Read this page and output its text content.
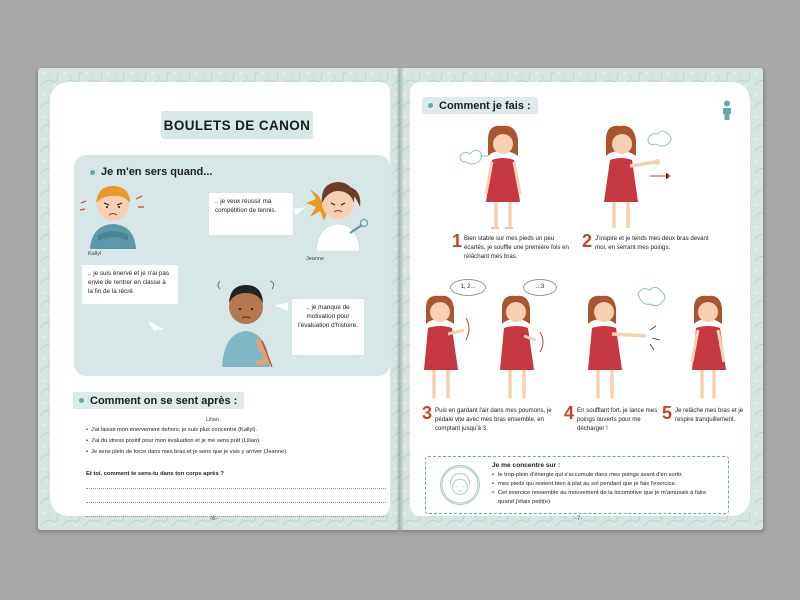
BOULETS DE CANON
Je m'en sers quand...
Kallyl
Jeanne
Lilian
.. je suis énervé et je n'ai pas envie de rentrer en classe à la fin de la récré.
.. je veux réussir ma compétition de tennis.
.. je manque de motivation pour l'évaluation d'histoire.
Comment on se sent après :
• J'ai laissé mon énervement dehors, je suis plus concentré (Kallyl).
• J'ai du stress positif pour mon évaluation et je me sens prêt (Lilian).
• Je sens plein de force dans mes bras et je sens que je vais y arriver (Jeanne).
Et toi, comment te sens-tu dans ton corps après ?
-6-
Comment je fais :
1 Bien stable sur mes pieds un peu écartés, je souffle une première fois en relâchant mes bras.
2 J'inspire et je tends mes deux bras devant moi, en serrant mes poings.
1, 2...	...3
3 Puis en gardant l'air dans mes poumons, je pédale vite avec mes bras ensemble, en comptant jusqu'à 3.
4 En soufflant fort, je lance mes poings ouverts pour me décharger !
5 Je relâche mes bras et je respire tranquillement.
Je me concentre sur :
• le trop-plein d'énergie qui s'accumule dans mes poings avant d'en sortir.
• mes pieds qui restent bien à plat au sol pendant que je fais l'exercice.
➜ Cet exercice ressemble au mouvement de la locomotive que je m'amusais à faire quand j'étais petit(e).
-7-
